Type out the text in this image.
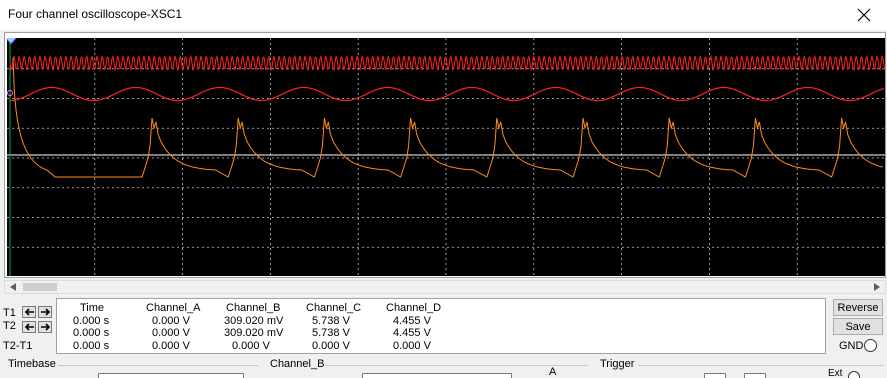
Four channel oscilloscope-XSC1
T1
T2
T2-T1
Time	Channel_A Channel_B Channel_C Channel_D
0.000 s	0.000 V	309.020 mV	5.738 V	4.455 V
0.000 s	0.000 V	309.020 mV	5.738 V	4.455 V
0.000 s	0.000 V	0.000 V	0.000 V	0.000 V
Reverse
Save
GND
Timebase	Channel_B
A
Trigger
Ext
